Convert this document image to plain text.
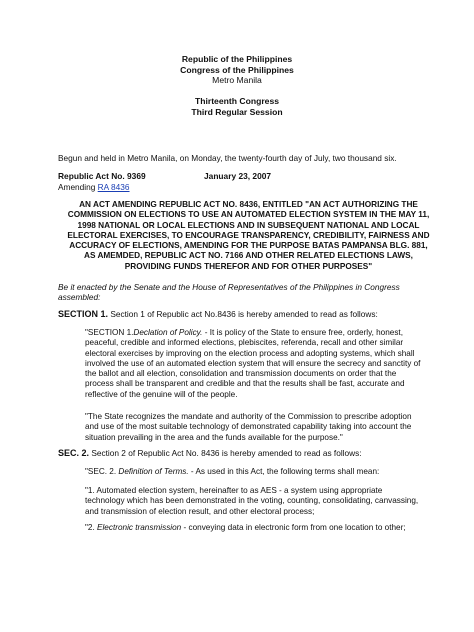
Republic of the Philippines
Congress of the Philippines
Metro Manila
Thirteenth Congress
Third Regular Session
Begun and held in Metro Manila, on Monday, the twenty-fourth day of July, two thousand six.
Republic Act No. 9369	January 23, 2007
Amending RA 8436
AN ACT AMENDING REPUBLIC ACT NO. 8436, ENTITLED "AN ACT AUTHORIZING THE
COMMISSION ON ELECTIONS TO USE AN AUTOMATED ELECTION SYSTEM IN THE MAY 11,
1998 NATIONAL OR LOCAL ELECTIONS AND IN SUBSEQUENT NATIONAL AND LOCAL
ELECTORAL EXERCISES, TO ENCOURAGE TRANSPARENCY, CREDIBILITY, FAIRNESS AND
ACCURACY OF ELECTIONS, AMENDING FOR THE PURPOSE BATAS PAMPANSA BLG. 881,
AS AMEMDED, REPUBLIC ACT NO. 7166 AND OTHER RELATED ELECTIONS LAWS,
PROVIDING FUNDS THEREFOR AND FOR OTHER PURPOSES"
Be it enacted by the Senate and the House of Representatives of the Philippines in Congress
assembled:
SECTION 1. Section 1 of Republic act No.8436 is hereby amended to read as follows:
"SECTION 1.Declation of Policy. - It is policy of the State to ensure free, orderly, honest,
peaceful, credible and informed elections, plebiscites, referenda, recall and other similar
electoral exercises by improving on the election process and adopting systems, which shall
involved the use of an automated election system that will ensure the secrecy and sanctity of
the ballot and all election, consolidation and transmission documents on order that the
process shall be transparent and credible and that the results shall be fast, accurate and
reflective of the genuine will of the people.
"The State recognizes the mandate and authority of the Commission to prescribe adoption
and use of the most suitable technology of demonstrated capability taking into account the
situation prevailing in the area and the funds available for the purpose."
SEC. 2. Section 2 of Republic Act No. 8436 is hereby amended to read as follows:
"SEC. 2. Definition of Terms. - As used in this Act, the following terms shall mean:
"1. Automated election system, hereinafter to as AES - a system using appropriate
technology which has been demonstrated in the voting, counting, consolidating, canvassing,
and transmission of election result, and other electoral process;
"2. Electronic transmission - conveying data in electronic form from one location to other;
